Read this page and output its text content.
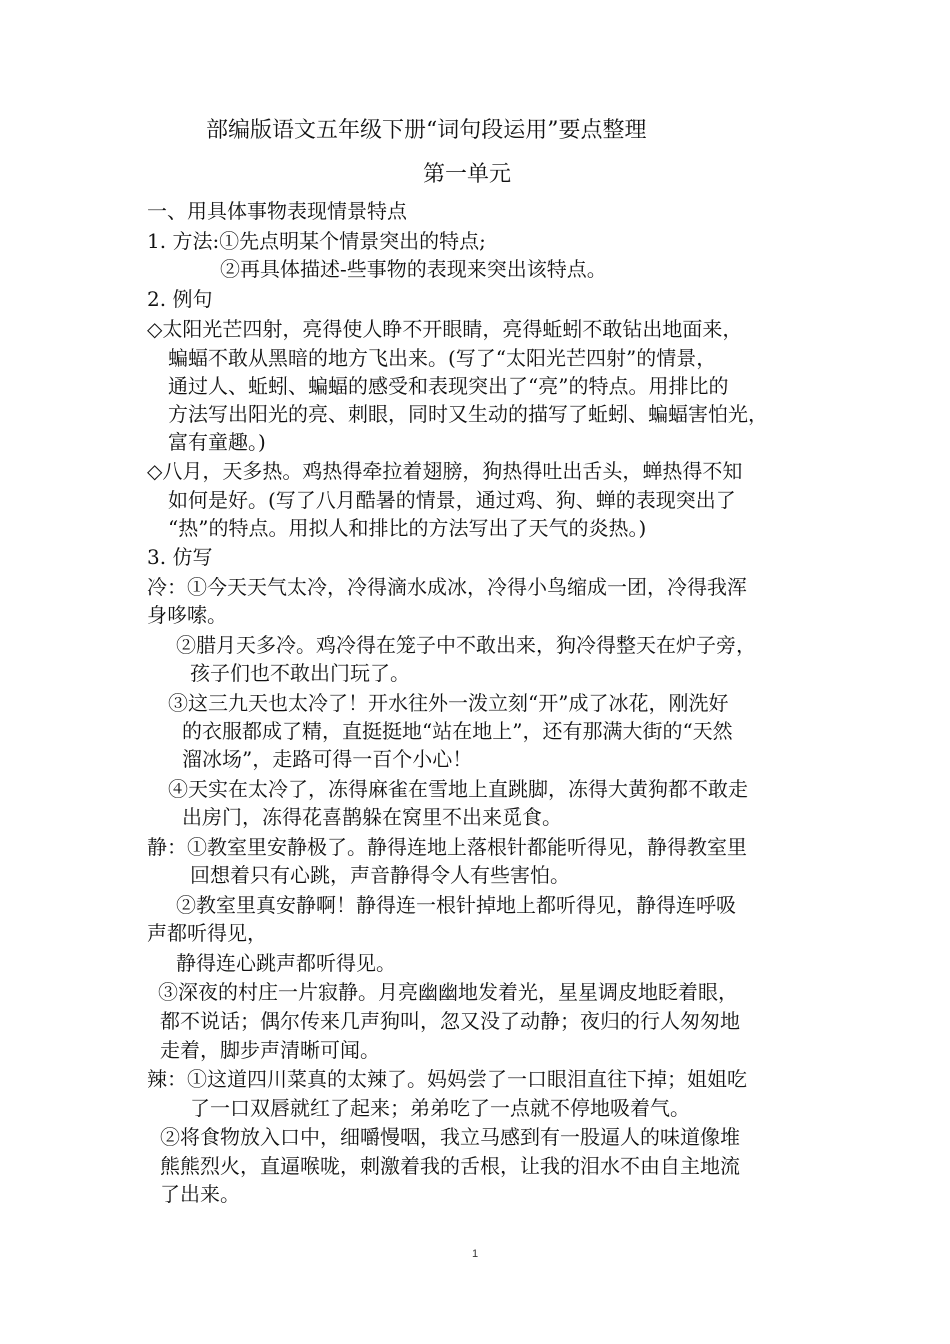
部编版语文五年级下册“词句段运用”要点整理
第一单元
一、用具体事物表现情景特点
1. 方法:①先点明某个情景突出的特点;
②再具体描述-些事物的表现来突出该特点。
2. 例句
◇太阳光芒四射，亮得使人睁不开眼睛，亮得蚯蚓不敢钻出地面来，
蝙蝠不敢从黑暗的地方飞出来。(写了“太阳光芒四射”的情景，
通过人、蚯蚓、蝙蝠的感受和表现突出了“亮”的特点。用排比的
方法写出阳光的亮、刺眼，同时又生动的描写了蚯蚓、蝙蝠害怕光，
富有童趣。)
◇八月，天多热。鸡热得牵拉着翅膀，狗热得吐出舌头，蝉热得不知
如何是好。(写了八月酷暑的情景，通过鸡、狗、蝉的表现突出了
“热”的特点。用拟人和排比的方法写出了天气的炎热。)
3. 仿写
冷：①今天天气太冷，冷得滴水成冰，冷得小鸟缩成一团，冷得我浑
身哆嗦。
②腊月天多冷。鸡冷得在笼子中不敢出来，狗冷得整天在炉子旁，
孩子们也不敢出门玩了。
③这三九天也太冷了！开水往外一泼立刻“开”成了冰花，刚洗好
的衣服都成了精，直挺挺地“站在地上”，还有那满大街的“天然
溜冰场”，走路可得一百个小心！
④天实在太冷了，冻得麻雀在雪地上直跳脚，冻得大黄狗都不敢走
出房门，冻得花喜鹊躲在窝里不出来觅食。
静：①教室里安静极了。静得连地上落根针都能听得见，静得教室里
回想着只有心跳，声音静得令人有些害怕。
②教室里真安静啊！静得连一根针掉地上都听得见，静得连呼吸
声都听得见，
静得连心跳声都听得见。
③深夜的村庄一片寂静。月亮幽幽地发着光，星星调皮地眨着眼，
都不说话；偶尔传来几声狗叫，忽又没了动静；夜归的行人匆匆地
走着，脚步声清晰可闻。
辣：①这道四川菜真的太辣了。妈妈尝了一口眼泪直往下掉；姐姐吃
了一口双唇就红了起来；弟弟吃了一点就不停地吸着气。
②将食物放入口中，细嚼慢咽，我立马感到有一股逼人的味道像堆
熊熊烈火，直逼喉咙，刺激着我的舌根，让我的泪水不由自主地流
了出来。
1
